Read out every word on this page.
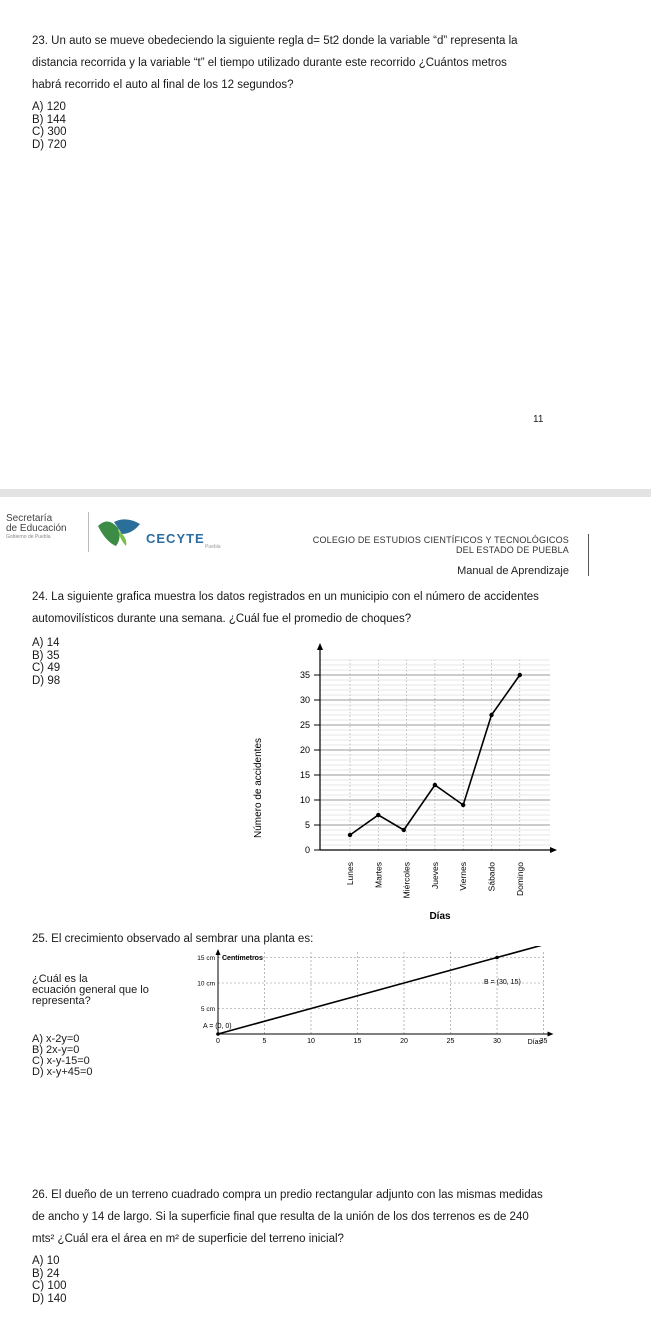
23. Un auto se mueve obedeciendo la siguiente regla d= 5t2 donde la variable “d” representa la
distancia recorrida y la variable “t” el tiempo utilizado durante este recorrido ¿Cuántos metros
habrá recorrido el auto al final de los 12 segundos?
A) 120
B) 144
C) 300
D) 720
11
Secretaría
de Educación
Gobierno de Puebla	CECYTE
Puebla
COLEGIO DE ESTUDIOS CIENTÍFICOS Y TECNOLÓGICOS
DEL ESTADO DE PUEBLA
Manual de Aprendizaje
24. La siguiente grafica muestra los datos registrados en un municipio con el número de accidentes
automovilísticos durante una semana. ¿Cuál fue el promedio de choques?
A) 14
B) 35
C) 49
D) 98
0
5
10
15
20
25
30
35
Lunes Martes Miércoles Jueves Viernes Sábado Domingo
Número de accidentes
Días
25. El crecimiento observado al sembrar una planta es:
¿Cuál es la
ecuación general que lo
representa?
A) x-2y=0
B) 2x-y=0
C) x-y-15=0
D) x-y+45=0
0	5	10	15	20	25	30	35
5 cm
10 cm
15 cm Centímetros
Días
A = (0, 0)
B = (30, 15)
26. El dueño de un terreno cuadrado compra un predio rectangular adjunto con las mismas medidas
de ancho y 14 de largo. Si la superficie final que resulta de la unión de los dos terrenos es de 240
mts² ¿Cuál era el área en m² de superficie del terreno inicial?
A) 10
B) 24
C) 100
D) 140
